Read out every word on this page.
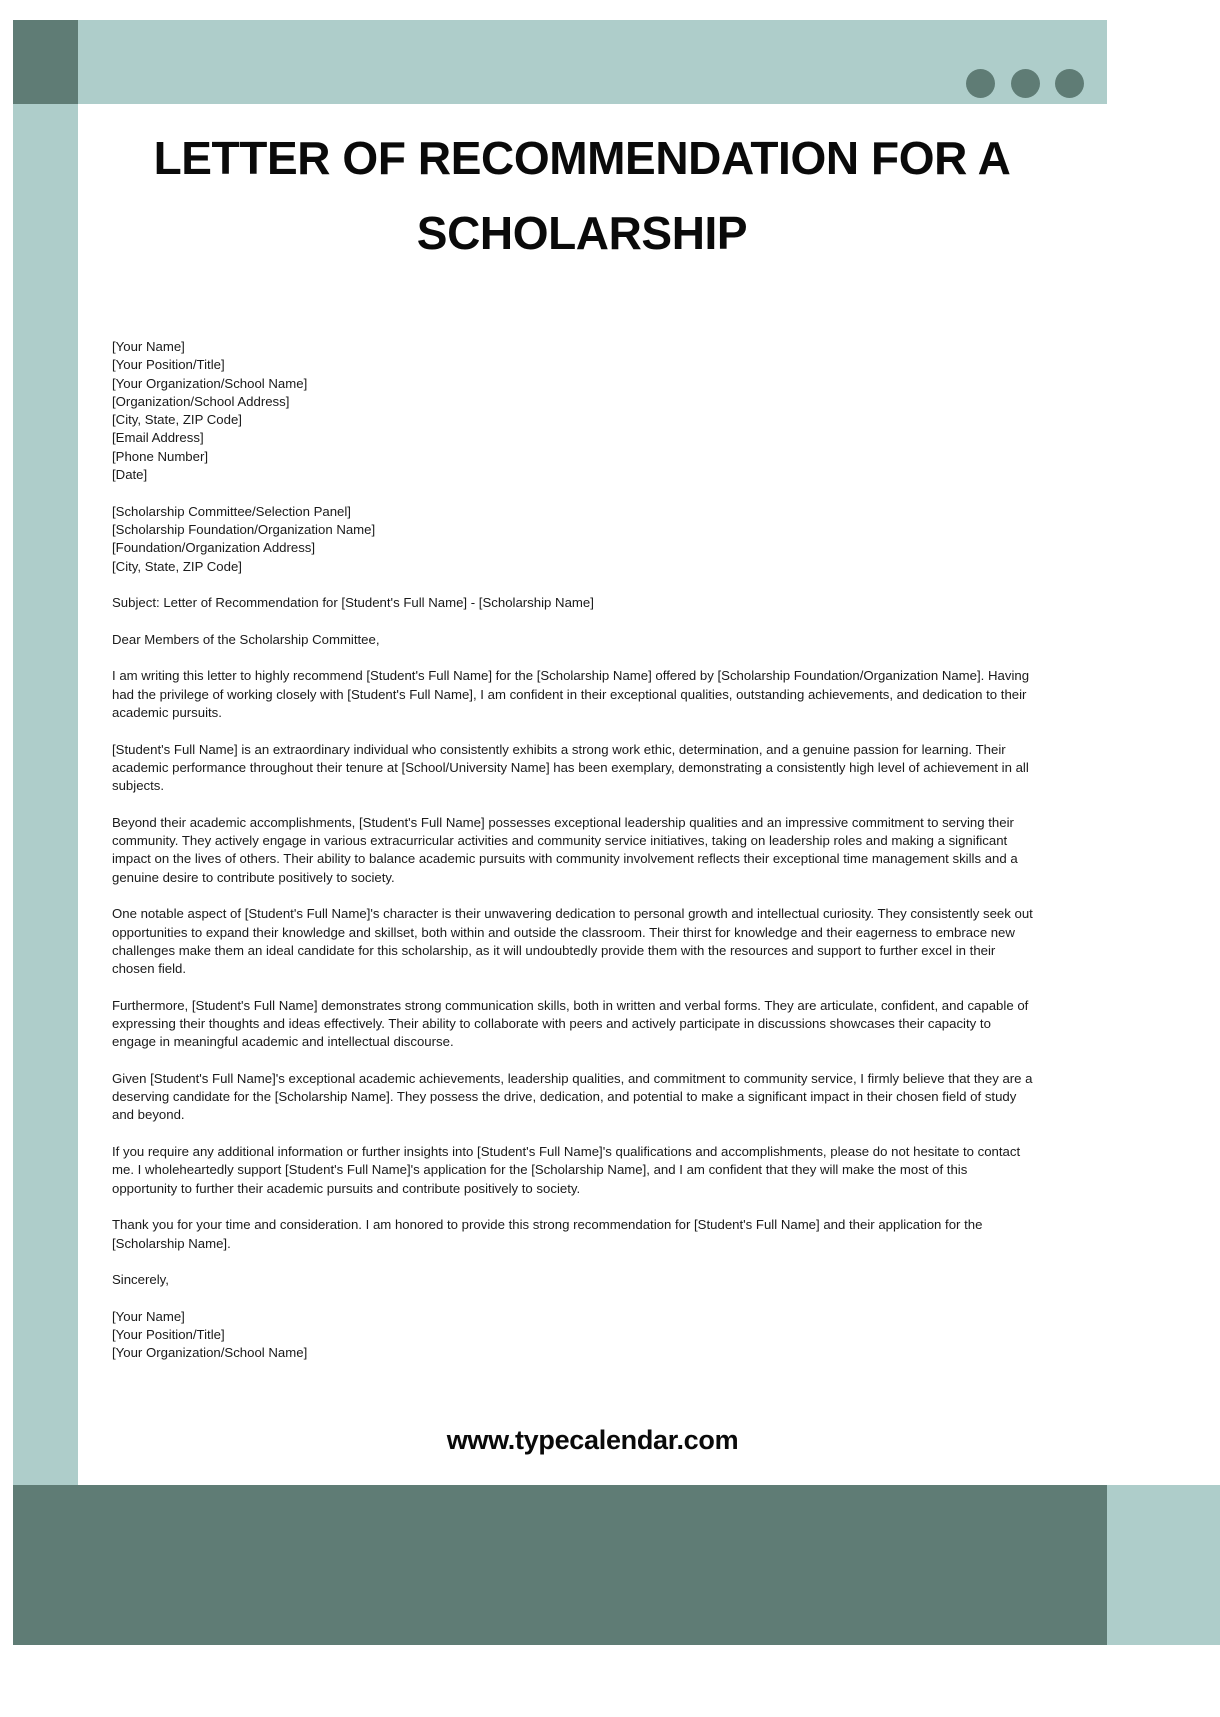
LETTER OF RECOMMENDATION FOR A SCHOLARSHIP
[Your Name]
[Your Position/Title]
[Your Organization/School Name]
[Organization/School Address]
[City, State, ZIP Code]
[Email Address]
[Phone Number]
[Date]
[Scholarship Committee/Selection Panel]
[Scholarship Foundation/Organization Name]
[Foundation/Organization Address]
[City, State, ZIP Code]
Subject: Letter of Recommendation for [Student's Full Name] - [Scholarship Name]
Dear Members of the Scholarship Committee,
I am writing this letter to highly recommend [Student's Full Name] for the [Scholarship Name] offered by [Scholarship Foundation/Organization Name]. Having had the privilege of working closely with [Student's Full Name], I am confident in their exceptional qualities, outstanding achievements, and dedication to their academic pursuits.
[Student's Full Name] is an extraordinary individual who consistently exhibits a strong work ethic, determination, and a genuine passion for learning. Their academic performance throughout their tenure at [School/University Name] has been exemplary, demonstrating a consistently high level of achievement in all subjects.
Beyond their academic accomplishments, [Student's Full Name] possesses exceptional leadership qualities and an impressive commitment to serving their community. They actively engage in various extracurricular activities and community service initiatives, taking on leadership roles and making a significant impact on the lives of others. Their ability to balance academic pursuits with community involvement reflects their exceptional time management skills and a genuine desire to contribute positively to society.
One notable aspect of [Student's Full Name]'s character is their unwavering dedication to personal growth and intellectual curiosity. They consistently seek out opportunities to expand their knowledge and skillset, both within and outside the classroom. Their thirst for knowledge and their eagerness to embrace new challenges make them an ideal candidate for this scholarship, as it will undoubtedly provide them with the resources and support to further excel in their chosen field.
Furthermore, [Student's Full Name] demonstrates strong communication skills, both in written and verbal forms. They are articulate, confident, and capable of expressing their thoughts and ideas effectively. Their ability to collaborate with peers and actively participate in discussions showcases their capacity to engage in meaningful academic and intellectual discourse.
Given [Student's Full Name]'s exceptional academic achievements, leadership qualities, and commitment to community service, I firmly believe that they are a deserving candidate for the [Scholarship Name]. They possess the drive, dedication, and potential to make a significant impact in their chosen field of study and beyond.
If you require any additional information or further insights into [Student's Full Name]'s qualifications and accomplishments, please do not hesitate to contact me. I wholeheartedly support [Student's Full Name]'s application for the [Scholarship Name], and I am confident that they will make the most of this opportunity to further their academic pursuits and contribute positively to society.
Thank you for your time and consideration. I am honored to provide this strong recommendation for [Student's Full Name] and their application for the [Scholarship Name].
Sincerely,
[Your Name]
[Your Position/Title]
[Your Organization/School Name]
www.typecalendar.com
